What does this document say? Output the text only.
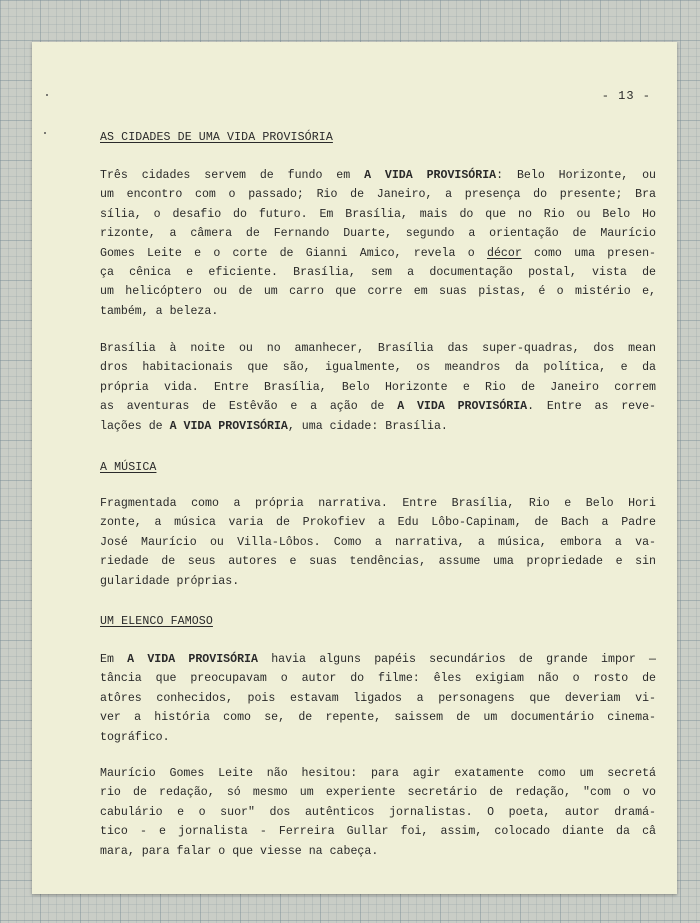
- 13 -
AS CIDADES DE UMA VIDA PROVISÓRIA
Três cidades servem de fundo em A VIDA PROVISÓRIA: Belo Horizonte, ou
um encontro com o passado; Rio de Janeiro, a presença do presente; Bra
sília, o desafio do futuro. Em Brasília, mais do que no Rio ou Belo Ho
rizonte, a câmera de Fernando Duarte, segundo a orientação de Maurício
Gomes Leite e o corte de Gianni Amico, revela o décor como uma presen-
ça cênica e eficiente. Brasília, sem a documentação postal, vista de
um helicóptero ou de um carro que corre em suas pistas, é o mistério e,
também, a beleza.
Brasília à noite ou no amanhecer, Brasília das super-quadras, dos mean
dros habitacionais que são, igualmente, os meandros da política, e da
própria vida. Entre Brasília, Belo Horizonte e Rio de Janeiro correm
as aventuras de Estêvão e a ação de A VIDA PROVISÓRIA. Entre as reve-
lações de A VIDA PROVISÓRIA, uma cidade: Brasília.
A MÚSICA
Fragmentada como a própria narrativa. Entre Brasília, Rio e Belo Hori
zonte, a música varia de Prokofiev a Edu Lôbo-Capinam, de Bach a Padre
José Maurício ou Villa-Lôbos. Como a narrativa, a música, embora a va-
riedade de seus autores e suas tendências, assume uma propriedade e sin
gularidade próprias.
UM ELENCO FAMOSO
Em A VIDA PROVISÓRIA havia alguns papéis secundários de grande impor —
tância que preocupavam o autor do filme: êles exigiam não o rosto de
atôres conhecidos, pois estavam ligados a personagens que deveriam vi-
ver a história como se, de repente, saissem de um documentário cinema-
tográfico.
Maurício Gomes Leite não hesitou: para agir exatamente como um secretá
rio de redação, só mesmo um experiente secretário de redação, "com o vo
cabulário e o suor" dos autênticos jornalistas. O poeta, autor dramá-
tico - e jornalista - Ferreira Gullar foi, assim, colocado diante da câ
mara, para falar o que viesse na cabeça.
